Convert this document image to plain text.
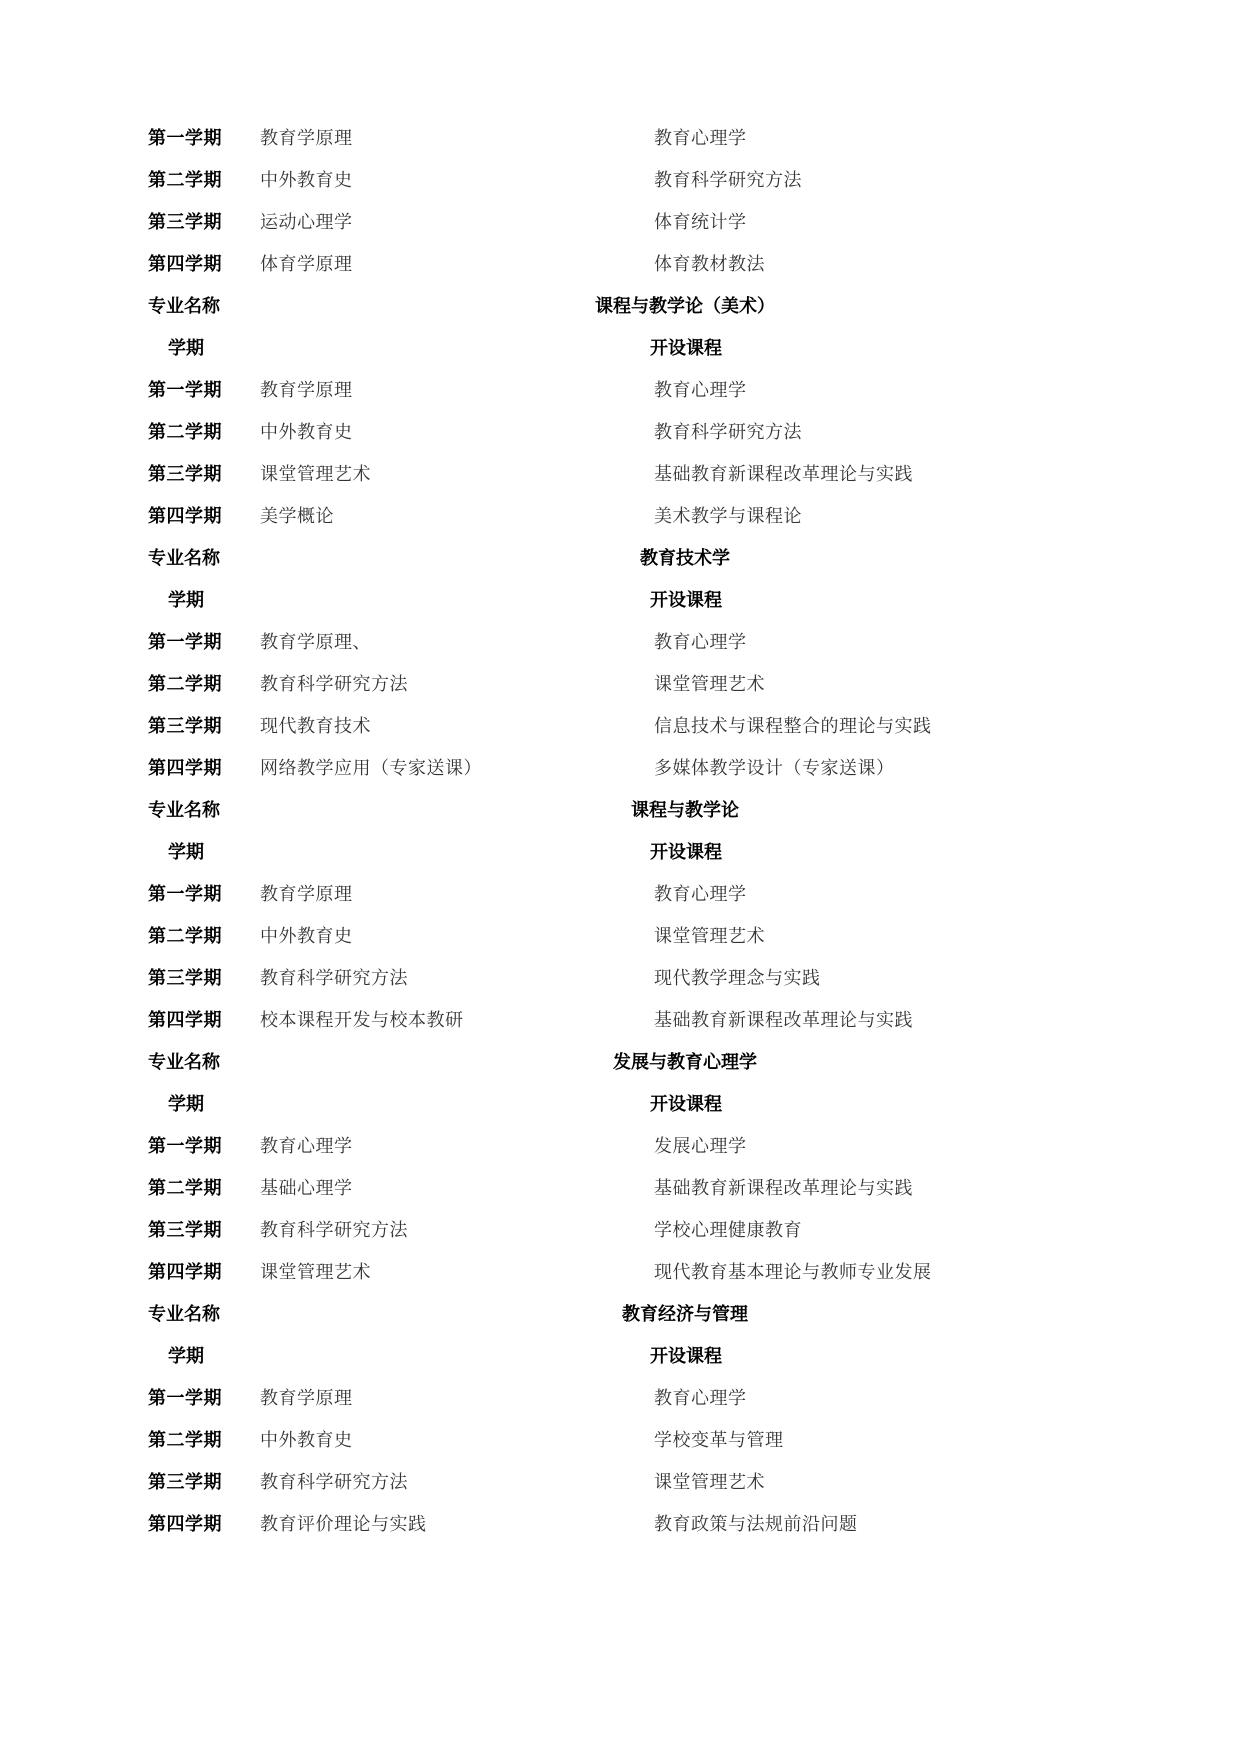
第一学期 教育学原理	教育心理学
第二学期 中外教育史	教育科学研究方法
第三学期 运动心理学	体育统计学
第四学期 体育学原理	体育教材教法
专业名称	课程与教学论（美术）
学期	开设课程
第一学期 教育学原理	教育心理学
第二学期 中外教育史	教育科学研究方法
第三学期 课堂管理艺术	基础教育新课程改革理论与实践
第四学期 美学概论	美术教学与课程论
专业名称	教育技术学
学期	开设课程
第一学期 教育学原理、	教育心理学
第二学期 教育科学研究方法	课堂管理艺术
第三学期 现代教育技术	信息技术与课程整合的理论与实践
第四学期 网络教学应用（专家送课）	多媒体教学设计（专家送课）
专业名称	课程与教学论
学期	开设课程
第一学期 教育学原理	教育心理学
第二学期 中外教育史	课堂管理艺术
第三学期 教育科学研究方法	现代教学理念与实践
第四学期 校本课程开发与校本教研	基础教育新课程改革理论与实践
专业名称	发展与教育心理学
学期	开设课程
第一学期 教育心理学	发展心理学
第二学期 基础心理学	基础教育新课程改革理论与实践
第三学期 教育科学研究方法	学校心理健康教育
第四学期 课堂管理艺术	现代教育基本理论与教师专业发展
专业名称	教育经济与管理
学期	开设课程
第一学期 教育学原理	教育心理学
第二学期 中外教育史	学校变革与管理
第三学期 教育科学研究方法	课堂管理艺术
第四学期 教育评价理论与实践	教育政策与法规前沿问题
